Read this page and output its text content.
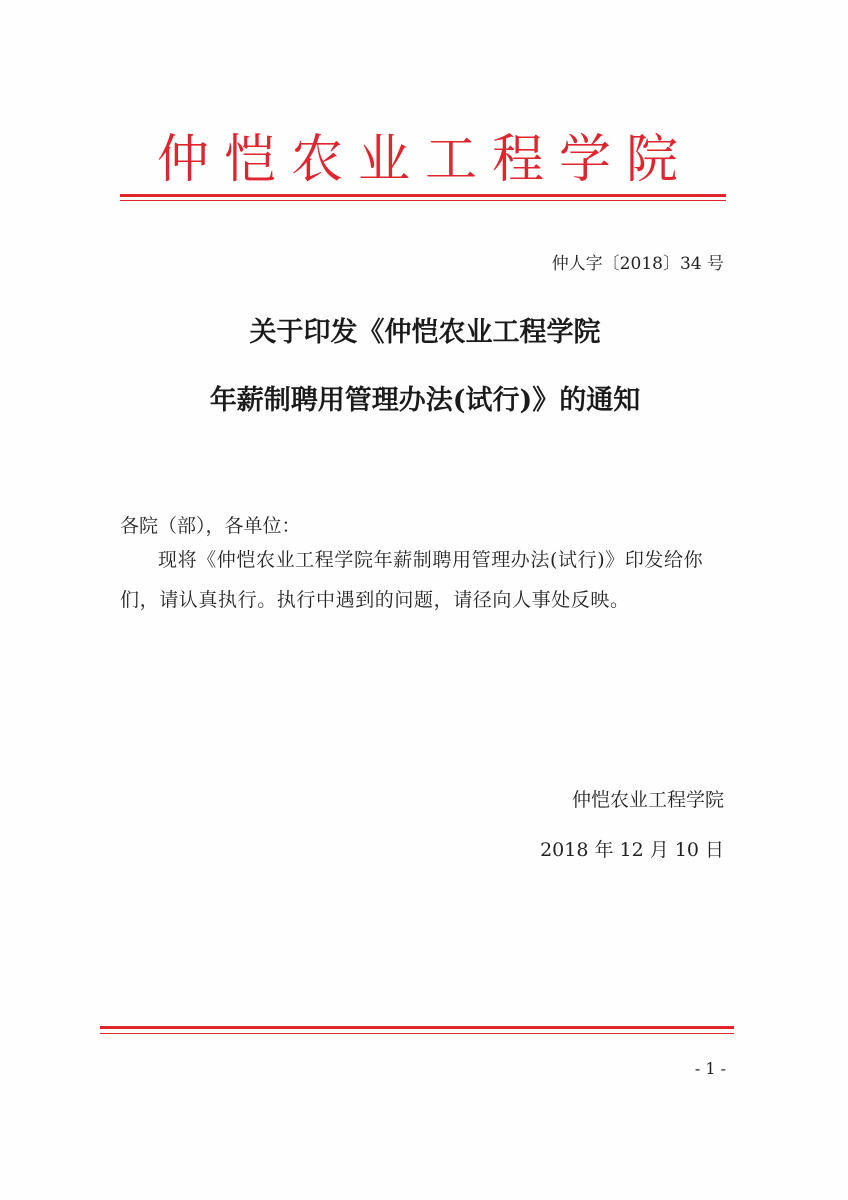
仲恺农业工程学院
仲人字〔2018〕34 号
关于印发《仲恺农业工程学院
年薪制聘用管理办法(试行)》的通知
各院（部），各单位：
现将《仲恺农业工程学院年薪制聘用管理办法(试行)》印发给你们，请认真执行。执行中遇到的问题，请径向人事处反映。
仲恺农业工程学院
2018 年 12 月 10 日
- 1 -
